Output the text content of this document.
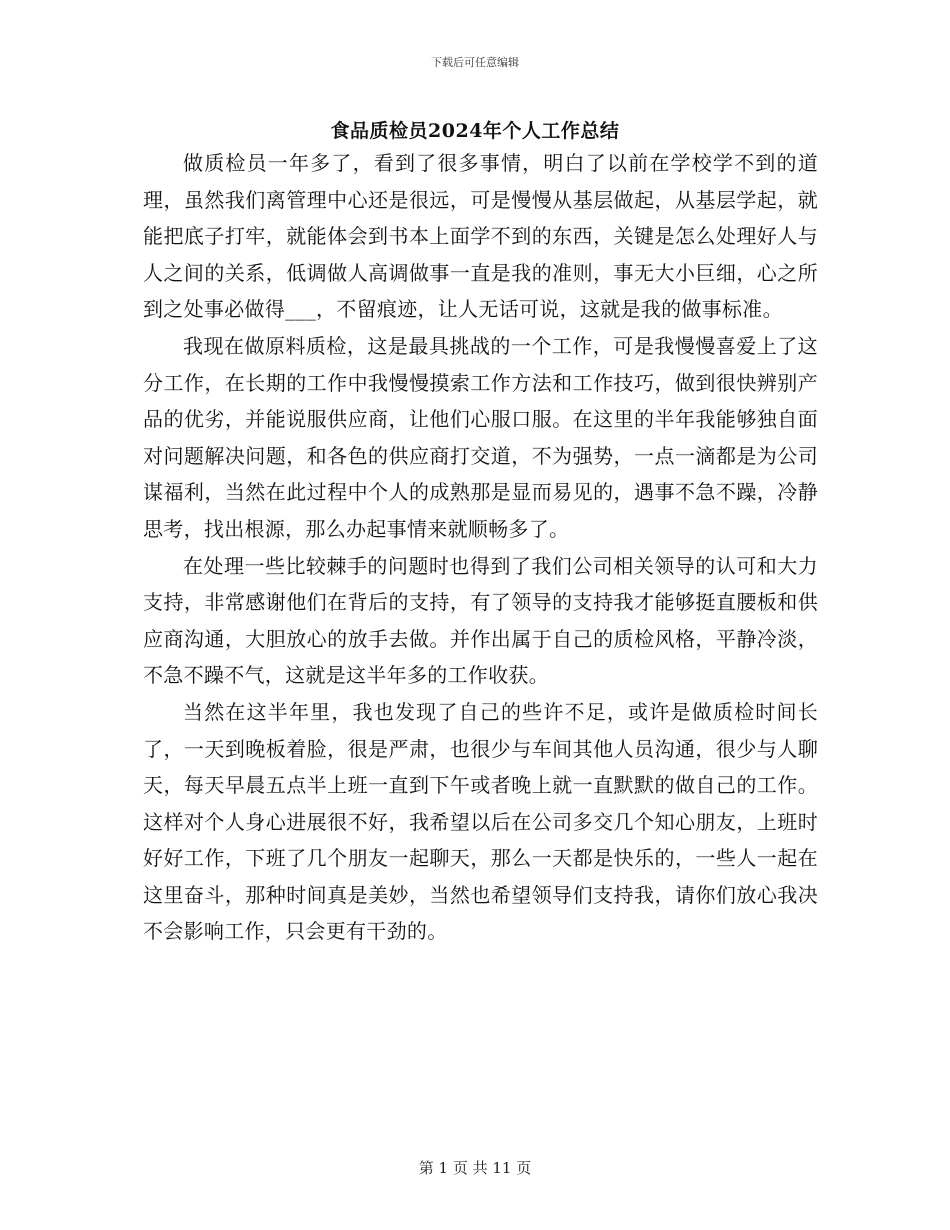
下载后可任意编辑
食品质检员2024年个人工作总结

做质检员一年多了，看到了很多事情，明白了以前在学校学不到的道理，虽然我们离管理中心还是很远，可是慢慢从基层做起，从基层学起，就能把底子打牢，就能体会到书本上面学不到的东西，关键是怎么处理好人与人之间的关系，低调做人高调做事一直是我的准则，事无大小巨细，心之所到之处事必做得___，不留痕迹，让人无话可说，这就是我的做事标准。

我现在做原料质检，这是最具挑战的一个工作，可是我慢慢喜爱上了这分工作，在长期的工作中我慢慢摸索工作方法和工作技巧，做到很快辨别产品的优劣，并能说服供应商，让他们心服口服。在这里的半年我能够独自面对问题解决问题，和各色的供应商打交道，不为强势，一点一滴都是为公司谋福利，当然在此过程中个人的成熟那是显而易见的，遇事不急不躁，冷静思考，找出根源，那么办起事情来就顺畅多了。

在处理一些比较棘手的问题时也得到了我们公司相关领导的认可和大力支持，非常感谢他们在背后的支持，有了领导的支持我才能够挺直腰板和供应商沟通，大胆放心的放手去做。并作出属于自己的质检风格，平静冷淡，不急不躁不气，这就是这半年多的工作收获。

当然在这半年里，我也发现了自己的些许不足，或许是做质检时间长了，一天到晚板着脸，很是严肃，也很少与车间其他人员沟通，很少与人聊天，每天早晨五点半上班一直到下午或者晚上就一直默默的做自己的工作。这样对个人身心进展很不好，我希望以后在公司多交几个知心朋友，上班时好好工作，下班了几个朋友一起聊天，那么一天都是快乐的，一些人一起在这里奋斗，那种时间真是美妙，当然也希望领导们支持我，请你们放心我决不会影响工作，只会更有干劲的。

第 1 页 共 11 页
